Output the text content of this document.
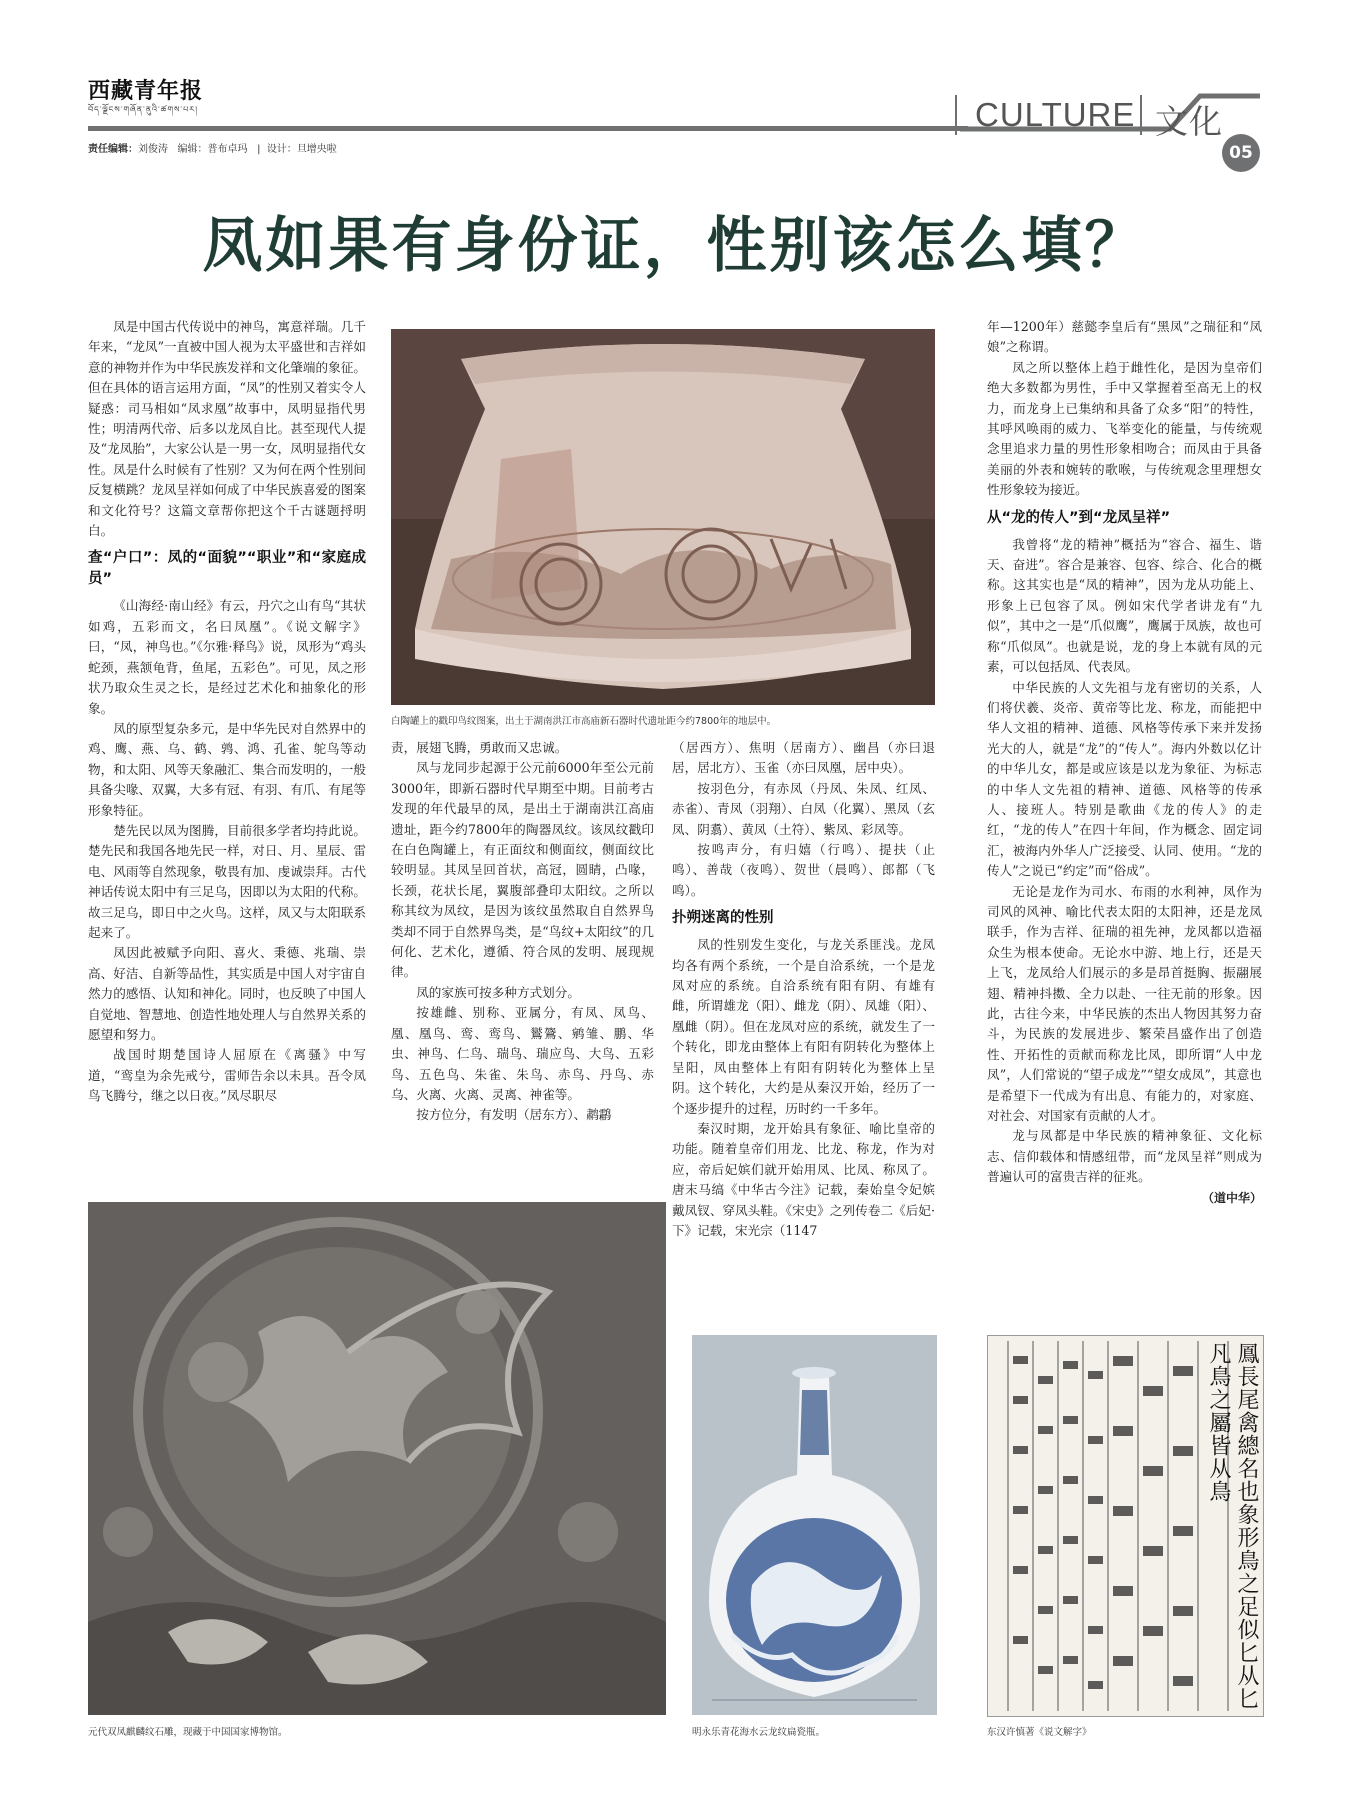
西藏青年报
བོད་ལྗོངས་གཞོན་ནུའི་ཚགས་པར།	CULTURE 文化
05
责任编辑：刘俊涛 编辑：普布卓玛   |  设计：旦增央啦
凤如果有身份证，性别该怎么填？

凤是中国古代传说中的神鸟，寓意祥瑞。几千年来，“龙凤”一直被中国人视为太平盛世和吉祥如意的神物并作为中华民族发祥和文化肇端的象征。但在具体的语言运用方面，“凤”的性别又着实令人疑惑：司马相如“凤求凰”故事中，凤明显指代男性；明清两代帝、后多以龙凤自比。甚至现代人提及“龙凤胎”，大家公认是一男一女，凤明显指代女性。凤是什么时候有了性别？又为何在两个性别间反复横跳？龙凤呈祥如何成了中华民族喜爱的图案和文化符号？这篇文章帮你把这个千古谜题捋明白。

查“户口”：凤的“面貌”“职业”和“家庭成员”

《山海经·南山经》有云，丹穴之山有鸟“其状如鸡，五彩而文，名曰凤凰”。《说文解字》曰，“凤，神鸟也。”《尔雅·释鸟》说，凤形为“鸡头蛇颈，燕颔龟背，鱼尾，五彩色”。可见，凤之形状乃取众生灵之长，是经过艺术化和抽象化的形象。

凤的原型复杂多元，是中华先民对自然界中的鸡、鹰、燕、乌、鹤、鹑、鸿、孔雀、鸵鸟等动物，和太阳、风等天象融汇、集合而发明的，一般具备尖喙、双翼，大多有冠、有羽、有爪、有尾等形象特征。

楚先民以凤为图腾，目前很多学者均持此说。楚先民和我国各地先民一样，对日、月、星辰、雷电、风雨等自然现象，敬畏有加、虔诚崇拜。古代神话传说太阳中有三足乌，因即以为太阳的代称。故三足乌，即日中之火鸟。这样，凤又与太阳联系起来了。

凤因此被赋予向阳、喜火、秉德、兆瑞、崇高、好洁、自新等品性，其实质是中国人对宇宙自然力的感悟、认知和神化。同时，也反映了中国人自觉地、智慧地、创造性地处理人与自然界关系的愿望和努力。

战国时期楚国诗人屈原在《离骚》中写道，“鸾皇为余先戒兮，雷师告余以未具。吾令凤鸟飞腾兮，继之以日夜。”凤尽职尽

白陶罐上的戳印鸟纹图案，出土于湖南洪江市高庙新石器时代遗址距今约7800年的地层中。

责，展翅飞腾，勇敢而又忠诚。

凤与龙同步起源于公元前6000年至公元前3000年，即新石器时代早期至中期。目前考古发现的年代最早的凤，是出土于湖南洪江高庙遗址，距今约7800年的陶器凤纹。该凤纹戳印在白色陶罐上，有正面纹和侧面纹，侧面纹比较明显。其凤呈回首状，高冠，圆睛，凸喙，长颈，花状长尾，翼腹部叠印太阳纹。之所以称其纹为凤纹，是因为该纹虽然取自自然界鸟类却不同于自然界鸟类，是“鸟纹+太阳纹”的几何化、艺术化，遵循、符合凤的发明、展现规律。

凤的家族可按多种方式划分。

按雄雌、别称、亚属分，有凤、凤鸟、凰、凰鸟、鸾、鸾鸟、鸑鷟、鹓雏、鹏、华虫、神鸟、仁鸟、瑞鸟、瑞应鸟、大鸟、五彩鸟、五色鸟、朱雀、朱鸟、赤鸟、丹鸟、赤乌、火离、火离、灵离、神雀等。

按方位分，有发明（居东方）、鹔鹴

（居西方）、焦明（居南方）、幽昌（亦曰退居，居北方）、玉雀（亦曰凤凰，居中央）。

按羽色分，有赤凤（丹凤、朱凤、红凤、赤雀）、青凤（羽翔）、白凤（化翼）、黑凤（玄凤、阴翥）、黄凤（土符）、紫凤、彩凤等。

按鸣声分，有归嬉（行鸣）、提扶（止鸣）、善哉（夜鸣）、贺世（晨鸣）、郎都（飞鸣）。

扑朔迷离的性别

凤的性别发生变化，与龙关系匪浅。龙凤均各有两个系统，一个是自洽系统，一个是龙凤对应的系统。自洽系统有阳有阴、有雄有雌，所谓雄龙（阳）、雌龙（阴）、凤雄（阳）、凰雌（阴）。但在龙凤对应的系统，就发生了一个转化，即龙由整体上有阳有阴转化为整体上呈阳，凤由整体上有阳有阴转化为整体上呈阴。这个转化，大约是从秦汉开始，经历了一个逐步提升的过程，历时约一千多年。

秦汉时期，龙开始具有象征、喻比皇帝的功能。随着皇帝们用龙、比龙、称龙，作为对应，帝后妃嫔们就开始用凤、比凤、称凤了。唐末马缟《中华古今注》记载，秦始皇令妃嫔戴凤钗、穿凤头鞋。《宋史》之列传卷二《后妃·下》记载，宋光宗（1147

年—1200年）慈懿李皇后有“黑凤”之瑞征和“凤娘”之称谓。

凤之所以整体上趋于雌性化，是因为皇帝们绝大多数都为男性，手中又掌握着至高无上的权力，而龙身上已集纳和具备了众多“阳”的特性，其呼风唤雨的威力、飞举变化的能量，与传统观念里追求力量的男性形象相吻合；而凤由于具备美丽的外表和婉转的歌喉，与传统观念里理想女性形象较为接近。

从“龙的传人”到“龙凤呈祥”

我曾将“龙的精神”概括为“容合、福生、谐天、奋进”。容合是兼容、包容、综合、化合的概称。这其实也是“凤的精神”，因为龙从功能上、形象上已包容了凤。例如宋代学者讲龙有“九似”，其中之一是“爪似鹰”，鹰属于凤族，故也可称“爪似凤”。也就是说，龙的身上本就有凤的元素，可以包括凤、代表凤。

中华民族的人文先祖与龙有密切的关系，人们将伏羲、炎帝、黄帝等比龙、称龙，而能把中华人文祖的精神、道德、风格等传承下来并发扬光大的人，就是“龙”的“传人”。海内外数以亿计的中华儿女，都是或应该是以龙为象征、为标志的中华人文先祖的精神、道德、风格等的传承人、接班人。特别是歌曲《龙的传人》的走红，“龙的传人”在四十年间，作为概念、固定词汇，被海内外华人广泛接受、认同、使用。“龙的传人”之说已“约定”而“俗成”。

无论是龙作为司水、布雨的水利神，凤作为司风的风神、喻比代表太阳的太阳神，还是龙凤联手，作为吉祥、征瑞的祖先神，龙凤都以造福众生为根本使命。无论水中游、地上行，还是天上飞，龙凤给人们展示的多是昂首挺胸、振翮展翅、精神抖擞、全力以赴、一往无前的形象。因此，古往今来，中华民族的杰出人物因其努力奋斗，为民族的发展进步、繁荣昌盛作出了创造性、开拓性的贡献而称龙比凤，即所谓“人中龙凤”，人们常说的“望子成龙”“望女成凤”，其意也是希望下一代成为有出息、有能力的，对家庭、对社会、对国家有贡献的人才。

龙与凤都是中华民族的精神象征、文化标志、信仰载体和情感纽带，而“龙凤呈祥”则成为普遍认可的富贵吉祥的征兆。

（道中华）
元代双凤麒麟纹石雕，现藏于中国国家博物馆。	明永乐青花海水云龙纹扁瓷瓶。
鳳長尾禽總名也象形鳥之足似匕从匕凡鳥之屬皆从鳥
东汉许慎著《说文解字》
